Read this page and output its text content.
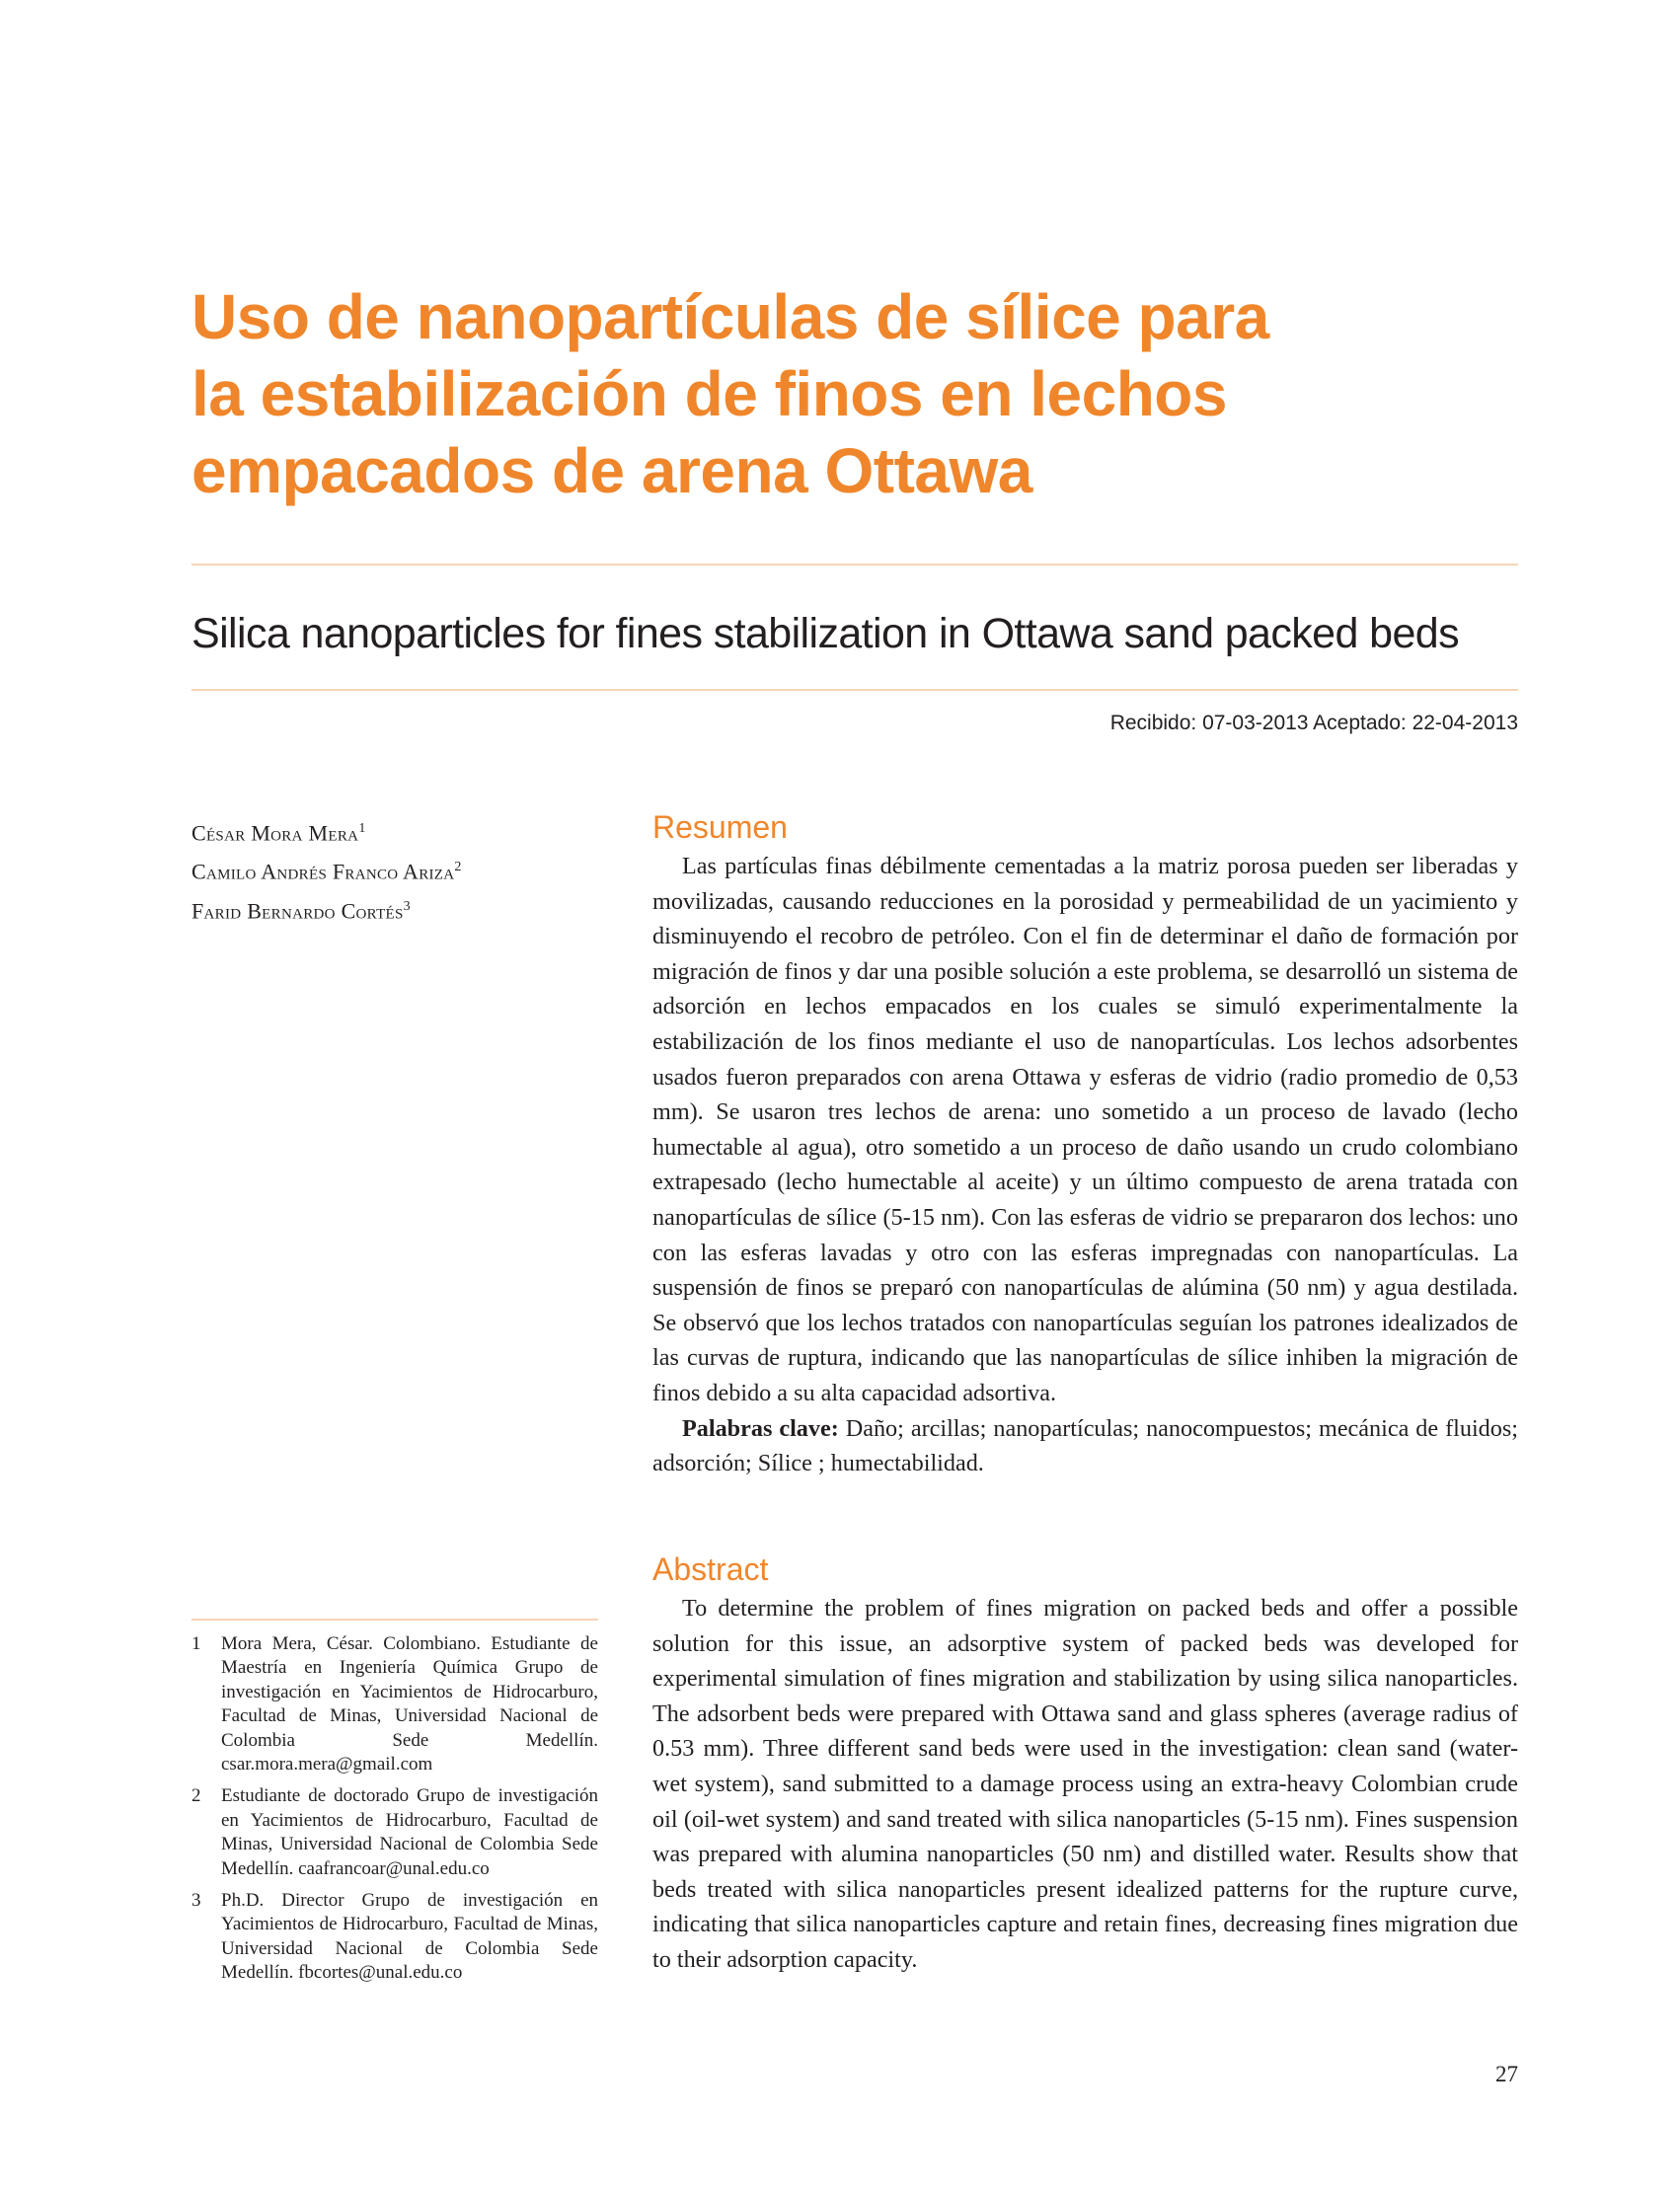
Uso de nanopartículas de sílice para
la estabilización de finos en lechos
empacados de arena Ottawa
Silica nanoparticles for fines stabilization in Ottawa sand packed beds
Recibido: 07-03-2013 Aceptado: 22-04-2013
César Mora Mera$^1$
Camilo Andrés Franco Ariza$^2$
Farid Bernardo Cortés$^3$
1	Mora Mera, César. Colombiano. Estudiante de Maestría en Ingeniería Química Grupo de investigación en Yacimientos de Hidrocarburo, Facultad de Minas, Universidad Nacional de Colombia Sede Medellín. csar.mora.mera@gmail.com
2	Estudiante de doctorado Grupo de investigación en Yacimientos de Hidrocarburo, Facultad de Minas, Universidad Nacional de Colombia Sede Medellín. caafrancoar@unal.edu.co
3	Ph.D. Director Grupo de investigación en Yacimientos de Hidrocarburo, Facultad de Minas, Universidad Nacional de Colombia Sede Medellín. fbcortes@unal.edu.co
Resumen

Las partículas finas débilmente cementadas a la matriz porosa pueden ser liberadas y movilizadas, causando reducciones en la porosidad y permeabilidad de un yacimiento y disminuyendo el recobro de petróleo. Con el fin de determinar el daño de formación por migración de finos y dar una posible solución a este problema, se desarrolló un sistema de adsorción en lechos empacados en los cuales se simuló experimentalmente la estabilización de los finos mediante el uso de nanopartículas. Los lechos adsorbentes usados fueron preparados con arena Ottawa y esferas de vidrio (radio promedio de 0,53 mm). Se usaron tres lechos de arena: uno sometido a un proceso de lavado (lecho humectable al agua), otro sometido a un proceso de daño usando un crudo colombiano extrapesado (lecho humectable al aceite) y un último compuesto de arena tratada con nanopartículas de sílice (5-15 nm). Con las esferas de vidrio se prepararon dos lechos: uno con las esferas lavadas y otro con las esferas impregnadas con nanopartículas. La suspensión de finos se preparó con nanopartículas de alúmina (50 nm) y agua destilada. Se observó que los lechos tratados con nanopartículas seguían los patrones idealizados de las curvas de ruptura, indicando que las nanopartículas de sílice inhiben la migración de finos debido a su alta capacidad adsortiva.

Palabras clave: Daño; arcillas; nanopartículas; nanocompuestos; mecánica de fluidos; adsorción; Sílice ; humectabilidad.

Abstract

To determine the problem of fines migration on packed beds and offer a possible solution for this issue, an adsorptive system of packed beds was developed for experimental simulation of fines migration and stabilization by using silica nanoparticles. The adsorbent beds were prepared with Ottawa sand and glass spheres (average radius of 0.53 mm). Three different sand beds were used in the investigation: clean sand (water- wet system), sand submitted to a damage process using an extra-heavy Colombian crude oil (oil-wet system) and sand treated with silica nanoparticles (5-15 nm). Fines suspension was prepared with alumina nanoparticles (50 nm) and distilled water. Results show that beds treated with silica nanoparticles present idealized patterns for the rupture curve, indicating that silica nanoparticles capture and retain fines, decreasing fines migration due to their adsorption capacity.

27
